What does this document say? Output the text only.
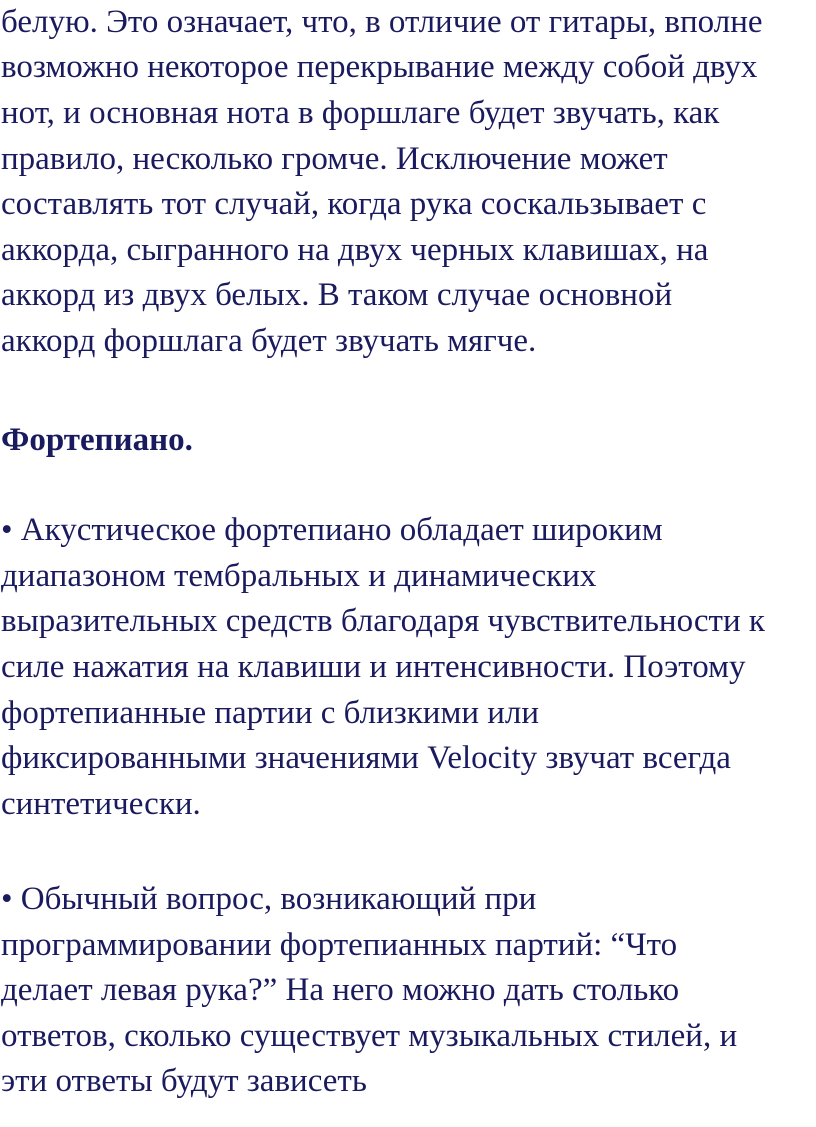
белую. Это означает, что, в отличие от гитары, вполне
возможно некоторое перекрывание между собой двух
нот, и основная нота в форшлаге будет звучать, как
правило, несколько громче. Исключение может
составлять тот случай, когда рука соскальзывает с
аккорда, сыгранного на двух черных клавишах, на
аккорд из двух белых. В таком случае основной
аккорд форшлага будет звучать мягче.
Фортепиано.
• Акустическое фортепиано обладает широким
диапазоном тембральных и динамических
выразительных средств благодаря чувствительности к
силе нажатия на клавиши и интенсивности. Поэтому
фортепианные партии с близкими или
фиксированными значениями Velocity звучат всегда
синтетически.
• Обычный вопрос, возникающий при
программировании фортепианных партий: “Что
делает левая рука?” На него можно дать столько
ответов, сколько существует музыкальных стилей, и
эти ответы будут зависеть
